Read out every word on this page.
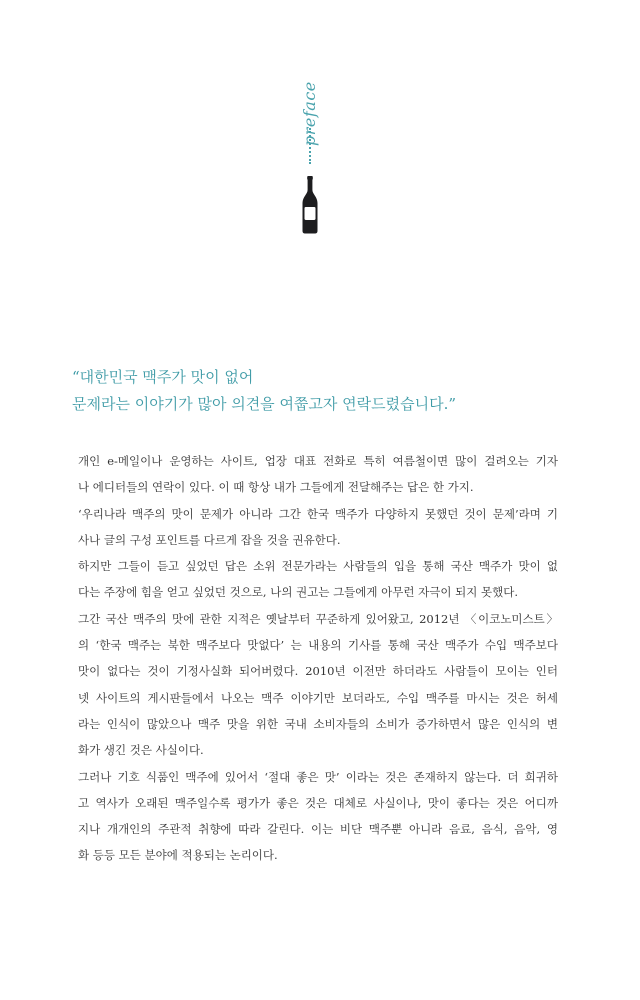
preface

“대한민국 맥주가 맛이 없어
문제라는 이야기가 많아 의견을 여쭙고자 연락드렸습니다.”

개인 e-메일이나 운영하는 사이트, 업장 대표 전화로 특히 여름철이면 많이 걸려오는 기자
나 에디터들의 연락이 있다. 이 때 항상 내가 그들에게 전달해주는 답은 한 가지.
‘우리나라 맥주의 맛이 문제가 아니라 그간 한국 맥주가 다양하지 못했던 것이 문제’라며 기
사나 글의 구성 포인트를 다르게 잡을 것을 권유한다.
하지만 그들이 듣고 싶었던 답은 소위 전문가라는 사람들의 입을 통해 국산 맥주가 맛이 없
다는 주장에 힘을 얻고 싶었던 것으로, 나의 권고는 그들에게 아무런 자극이 되지 못했다.
그간 국산 맥주의 맛에 관한 지적은 옛날부터 꾸준하게 있어왔고, 2012년 〈이코노미스트〉
의 ‘한국 맥주는 북한 맥주보다 맛없다’ 는 내용의 기사를 통해 국산 맥주가 수입 맥주보다
맛이 없다는 것이 기정사실화 되어버렸다. 2010년 이전만 하더라도 사람들이 모이는 인터
넷 사이트의 게시판들에서 나오는 맥주 이야기만 보더라도, 수입 맥주를 마시는 것은 허세
라는 인식이 많았으나 맥주 맛을 위한 국내 소비자들의 소비가 증가하면서 많은 인식의 변
화가 생긴 것은 사실이다.
그러나 기호 식품인 맥주에 있어서 ‘절대 좋은 맛’ 이라는 것은 존재하지 않는다. 더 희귀하
고 역사가 오래된 맥주일수록 평가가 좋은 것은 대체로 사실이나, 맛이 좋다는 것은 어디까
지나 개개인의 주관적 취향에 따라 갈린다. 이는 비단 맥주뿐 아니라 음료, 음식, 음악, 영
화 등등 모든 분야에 적용되는 논리이다.
